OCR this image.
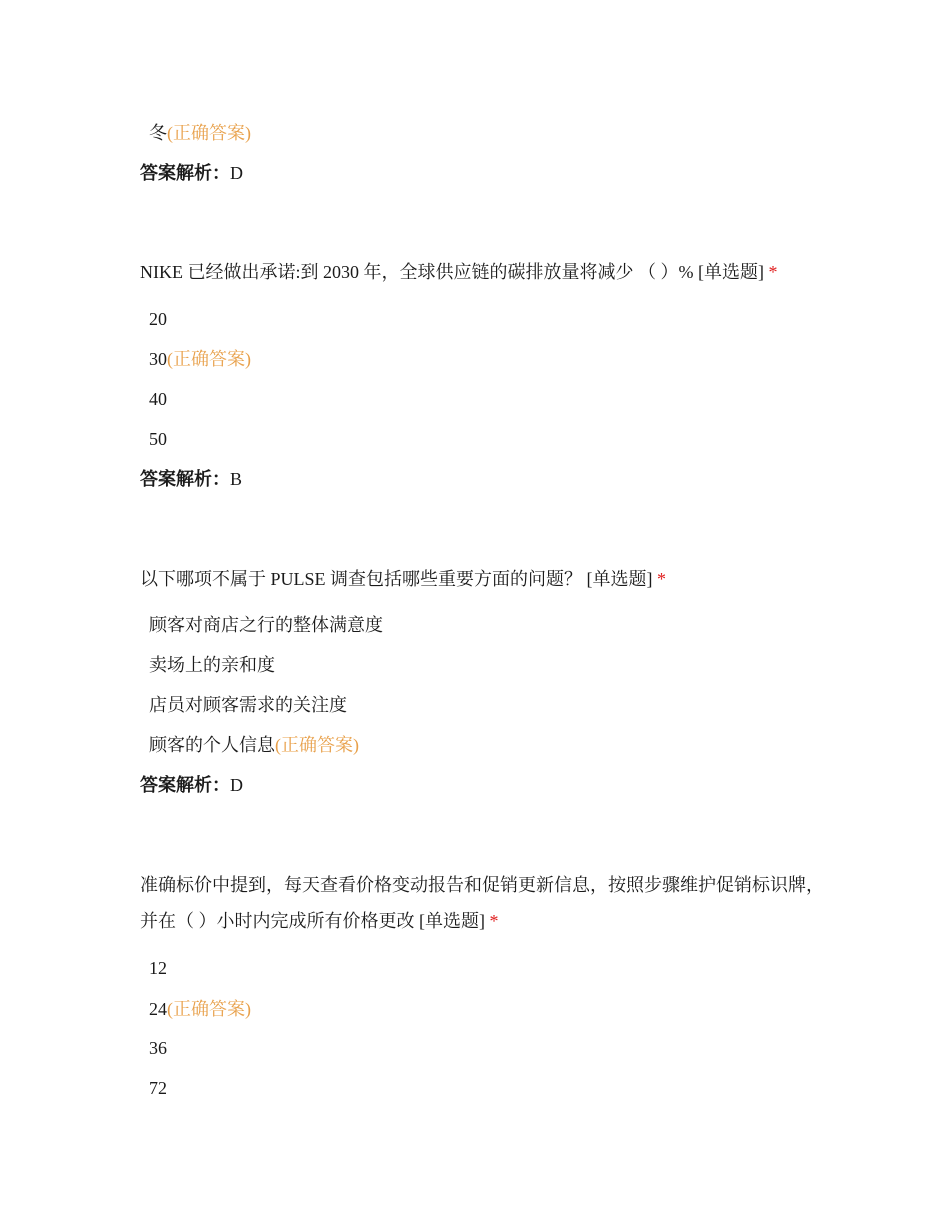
冬(正确答案)
答案解析：D
NIKE 已经做出承诺:到 2030 年，全球供应链的碳排放量将减少 （ ）% [单选题] *
20
30(正确答案)
40
50
答案解析：B
以下哪项不属于 PULSE 调查包括哪些重要方面的问题？ [单选题] *
顾客对商店之行的整体满意度
卖场上的亲和度
店员对顾客需求的关注度
顾客的个人信息(正确答案)
答案解析：D
准确标价中提到，每天查看价格变动报告和促销更新信息，按照步骤维护促销标识牌，并在（ ）小时内完成所有价格更改 [单选题] *
12
24(正确答案)
36
72
